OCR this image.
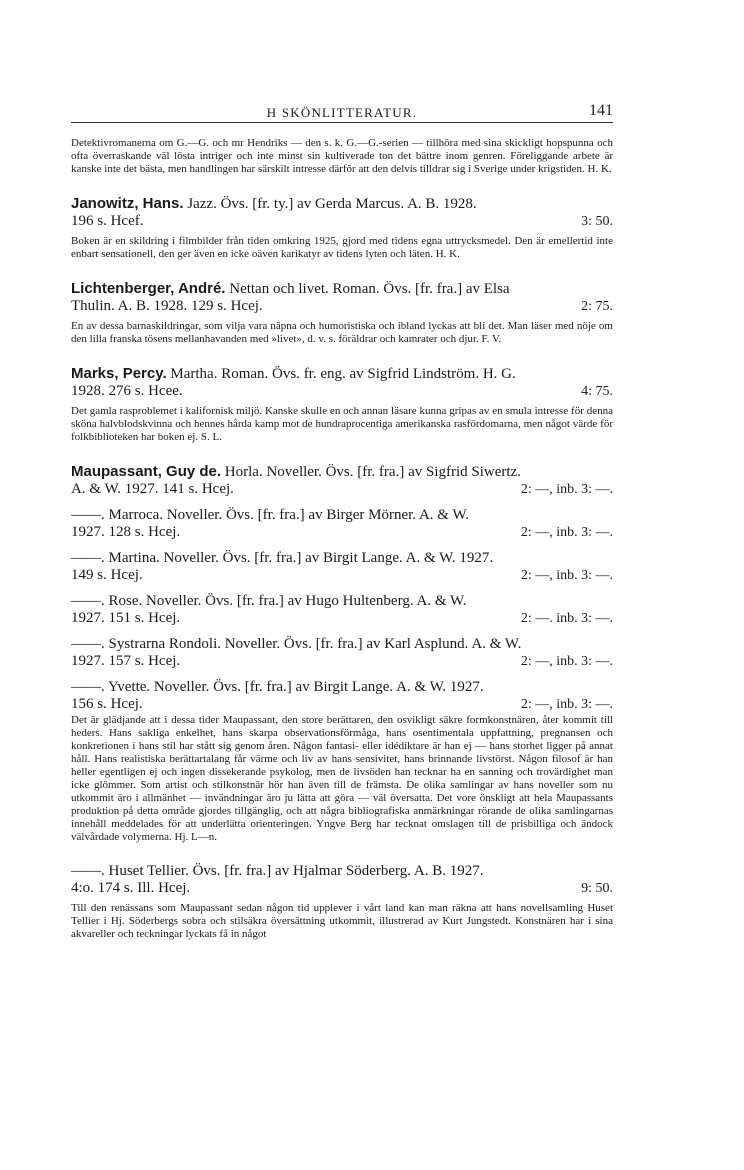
H SKÖNLITTERATUR.	141

Detektivromanerna om G.—G. och mr Hendriks — den s. k. G.—G.-serien — tillhöra med sina skickligt hopspunna och ofta överraskande väl lösta intriger och inte minst sin kultiverade ton det bättre inom genren. Föreliggande arbete är kanske inte det bästa, men handlingen har särskilt intresse därför att den delvis tilldrar sig i Sverige under krigstiden. H. K.

Janowitz, Hans. Jazz. Övs. [fr. ty.] av Gerda Marcus. A. B. 1928.
196 s. Hcef.	3: 50.

Boken är en skildring i filmbilder från tiden omkring 1925, gjord med tidens egna uttrycksmedel. Den är emellertid inte enbart sensationell, den ger även en icke oäven karikatyr av tidens lyten och läten. H. K.

Lichtenberger, André. Nettan och livet. Roman. Övs. [fr. fra.] av Elsa
Thulin. A. B. 1928. 129 s. Hcej.	2: 75.

En av dessa barnaskildringar, som vilja vara näpna och humoristiska och ibland lyckas att bli det. Man läser med nöje om den lilla franska tösens mellanhavanden med »livet», d. v. s. föräldrar och kamrater och djur. F. V.

Marks, Percy. Martha. Roman. Övs. fr. eng. av Sigfrid Lindström. H. G.
1928. 276 s. Hcee.	4: 75.

Det gamla rasproblemet i kalifornisk miljö. Kanske skulle en och annan läsare kunna gripas av en smula intresse för denna sköna halvblodskvinna och hennes hårda kamp mot de hundraprocentiga amerikanska rasfördomarna, men något värde för folkbiblioteken har boken ej. S. L.

Maupassant, Guy de. Horla. Noveller. Övs. [fr. fra.] av Sigfrid Siwertz.
A. & W. 1927. 141 s. Hcej.	2: —, inb. 3: —.
——. Marroca. Noveller. Övs. [fr. fra.] av Birger Mörner. A. & W.
1927. 128 s. Hcej.	2: —, inb. 3: —.
——. Martina. Noveller. Övs. [fr. fra.] av Birgit Lange. A. & W. 1927.
149 s. Hcej.	2: —, inb. 3: —.
——. Rose. Noveller. Övs. [fr. fra.] av Hugo Hultenberg. A. & W.
1927. 151 s. Hcej.	2: —. inb. 3: —.
——. Systrarna Rondoli. Noveller. Övs. [fr. fra.] av Karl Asplund. A. & W.
1927. 157 s. Hcej.	2: —, inb. 3: —.
——. Yvette. Noveller. Övs. [fr. fra.] av Birgit Lange. A. & W. 1927.
156 s. Hcej.	2: —, inb. 3: —.

Det är glädjande att i dessa tider Maupassant, den store berättaren, den osvikligt säkre formkonstnären, åter kommit till heders. Hans sakliga enkelhet, hans skarpa observationsförmåga, hans osentimentala uppfattning, pregnansen och konkretionen i hans stil har stått sig genom åren. Någon fantasi- eller idédiktare är han ej — hans storhet ligger på annat håll. Hans realistiska berättartalang får värme och liv av hans sensivitet, hans brinnande livstörst. Någon filosof är han heller egentligen ej och ingen dissekerande psykolog, men de livsöden han tecknar ha en sanning och trovärdighet man icke glömmer. Som artist och stilkonstnär hör han även till de främsta. De olika samlingar av hans noveller som nu utkommit äro i allmänhet — invändningar äro ju lätta att göra — väl översatta. Det vore önskligt att hela Maupassants produktion på detta område gjordes tillgänglig, och att några bibliografiska anmärkningar rörande de olika samlingarnas innehåll meddelades för att underlätta orienteringen. Yngve Berg har tecknat omslagen till de prisbilliga och ändock välvårdade volymerna. Hj. L—n.

——. Huset Tellier. Övs. [fr. fra.] av Hjalmar Söderberg. A. B. 1927.
4:o. 174 s. Ill. Hcej.	9: 50.

Till den renässans som Maupassant sedan någon tid upplever i vårt land kan man räkna att hans novellsamling Huset Tellier i Hj. Söderbergs sobra och stilsäkra översättning utkommit, illustrerad av Kurt Jungstedt. Konstnären har i sina akvareller och teckningar lyckats få in något
